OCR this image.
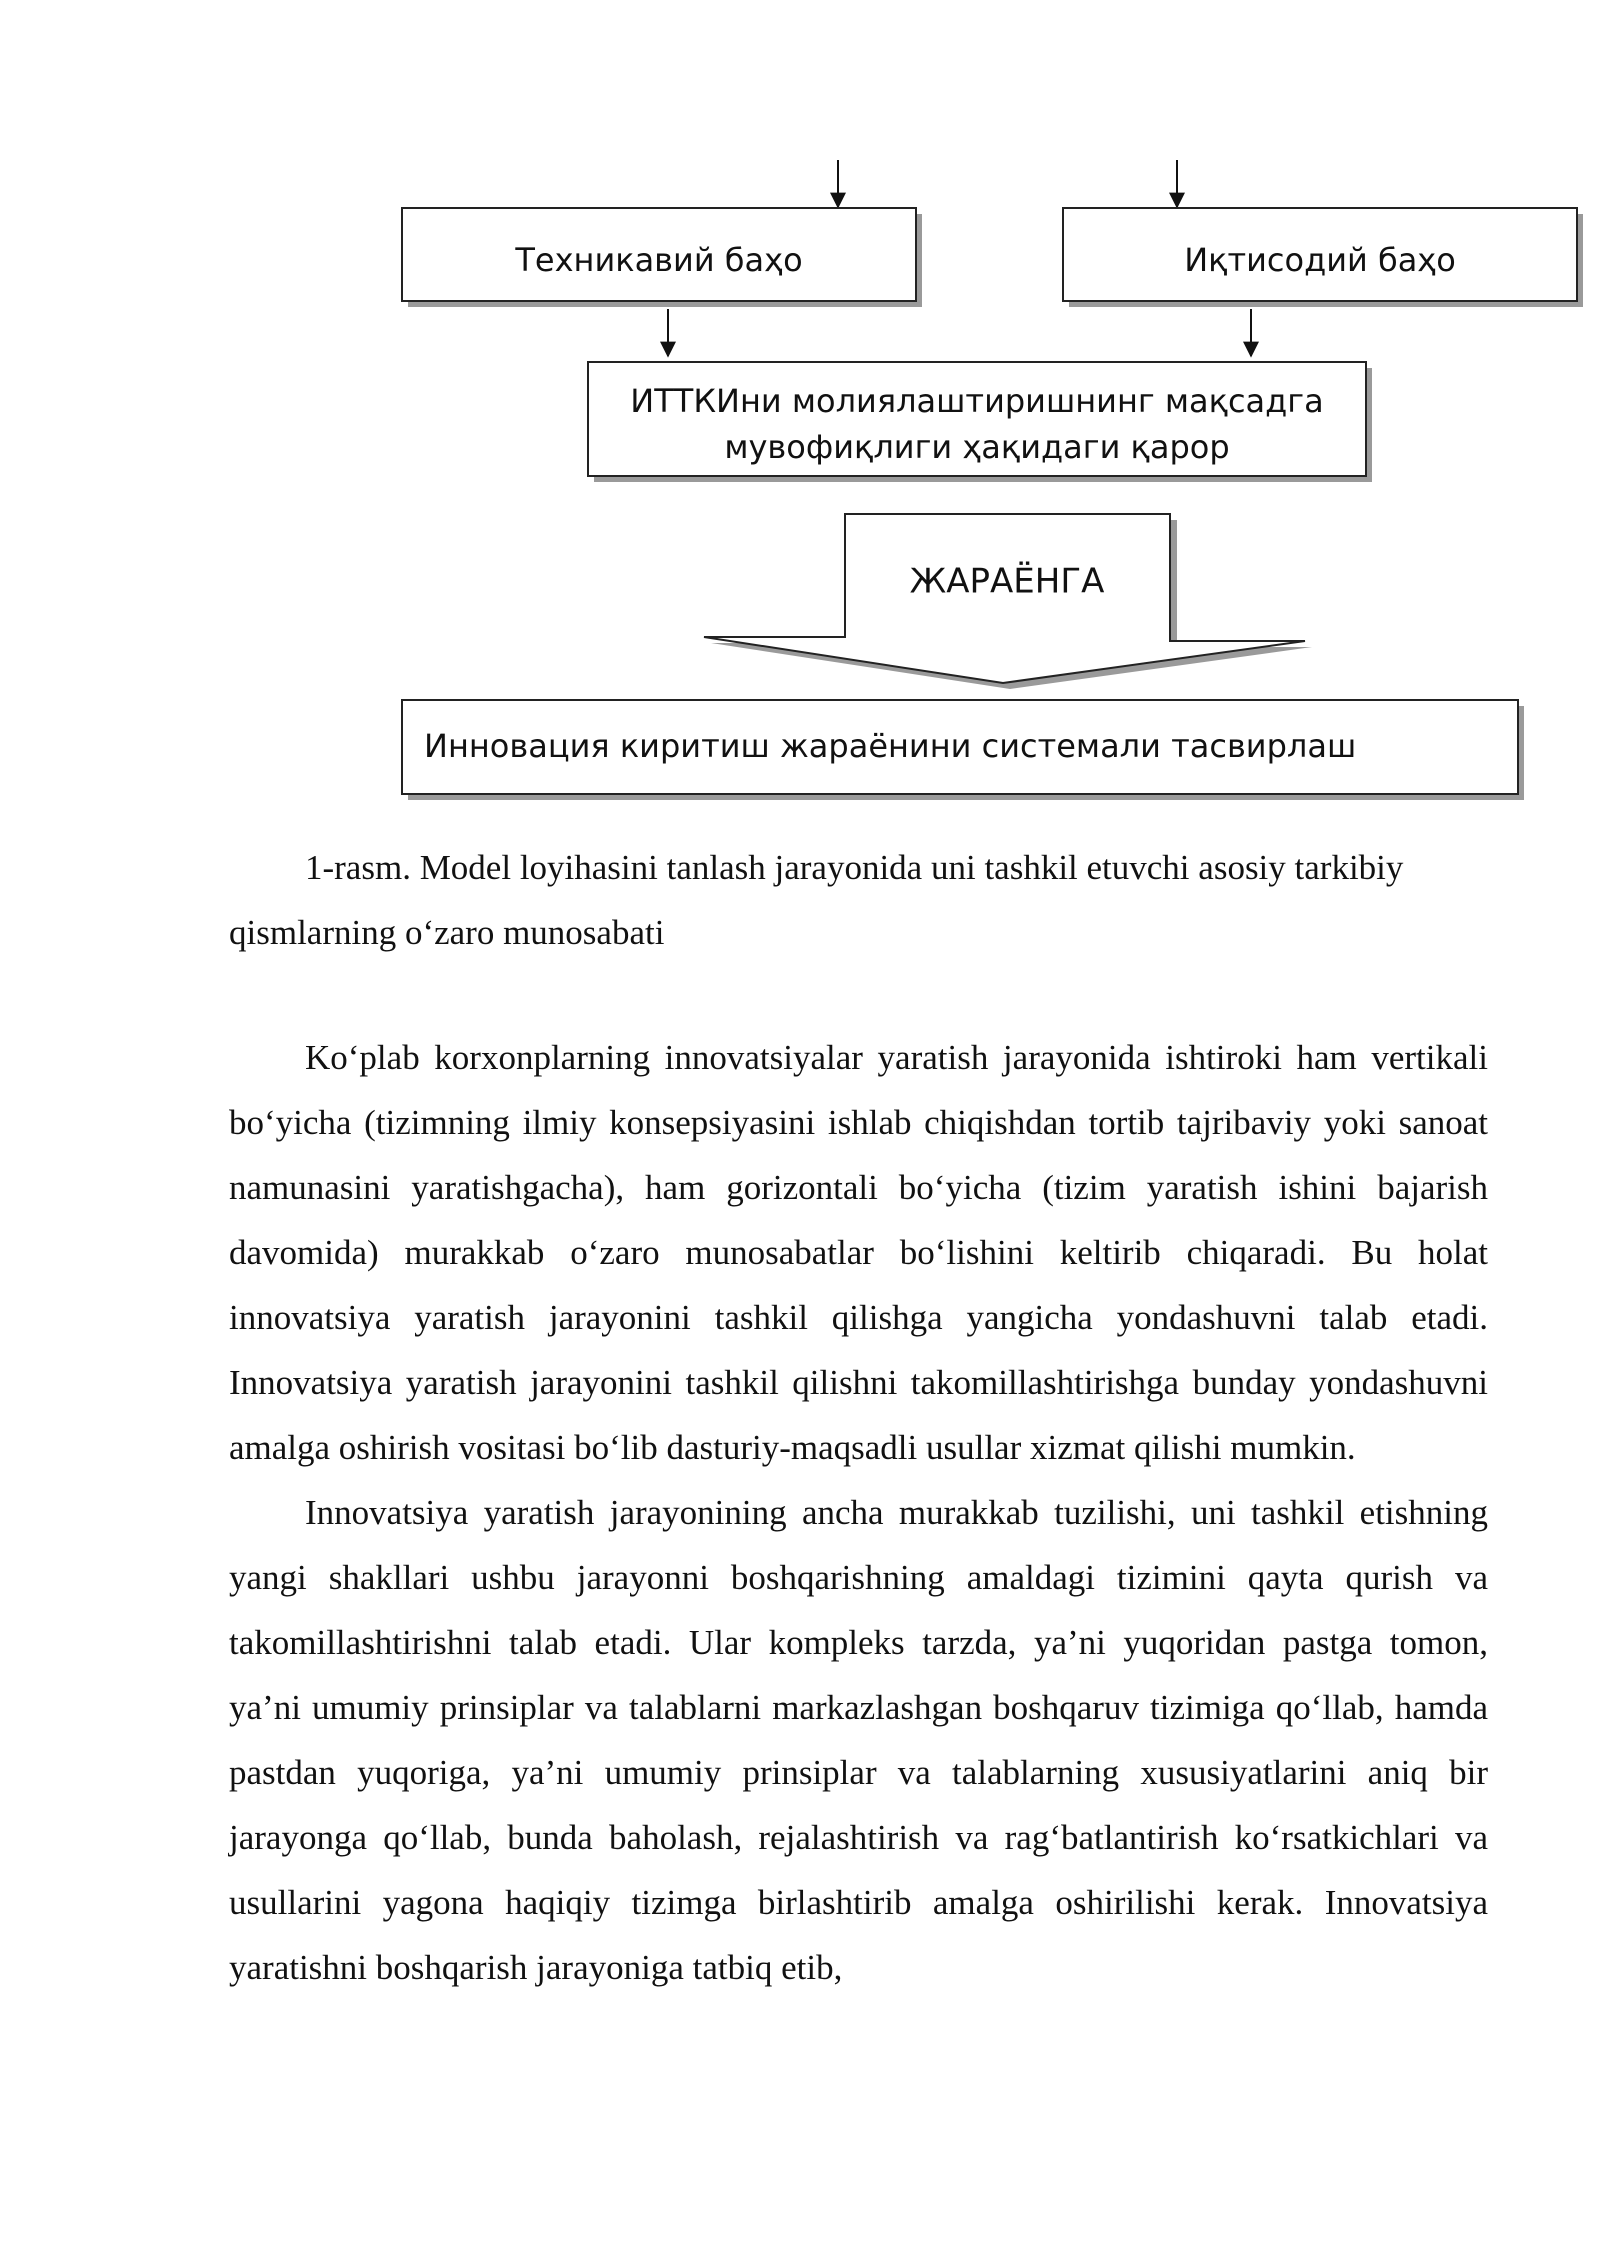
Техникавий баҳо	Иқтисодий баҳо
ИТТКИни молиялаштиришнинг мақсадга
мувофиқлиги ҳақидаги қарор
ЖАРАЁНГА
Инновация киритиш жараёнини системали тасвирлаш

1-rasm. Model loyihasini tanlash jarayonida uni tashkil etuvchi asosiy tarkibiy qismlarning o‘zaro munosabati

Ko‘plab korxonplarning innovatsiyalar yaratish jarayonida ishtiroki ham vertikali bo‘yicha (tizimning ilmiy konsepsiyasini ishlab chiqishdan tortib tajribaviy yoki sanoat namunasini yaratishgacha), ham gorizontali bo‘yicha (tizim yaratish ishini bajarish davomida) murakkab o‘zaro munosabatlar bo‘lishini keltirib chiqaradi. Bu holat innovatsiya yaratish jarayonini tashkil qilishga yangicha yondashuvni talab etadi. Innovatsiya yaratish jarayonini tashkil qilishni takomillashtirishga bunday yondashuvni amalga oshirish vositasi bo‘lib dasturiy-maqsadli usullar xizmat qilishi mumkin.

Innovatsiya yaratish jarayonining ancha murakkab tuzilishi, uni tashkil etishning yangi shakllari ushbu jarayonni boshqarishning amaldagi tizimini qayta qurish va takomillashtirishni talab etadi. Ular kompleks tarzda, ya’ni yuqoridan pastga tomon, ya’ni umumiy prinsiplar va talablarni markazlashgan boshqaruv tizimiga qo‘llab, hamda pastdan yuqoriga, ya’ni umumiy prinsiplar va talablarning xususiyatlarini aniq bir jarayonga qo‘llab, bunda baholash, rejalashtirish va rag‘batlantirish ko‘rsatkichlari va usullarini yagona haqiqiy tizimga birlashtirib amalga oshirilishi kerak. Innovatsiya yaratishni boshqarish jarayoniga tatbiq etib,
